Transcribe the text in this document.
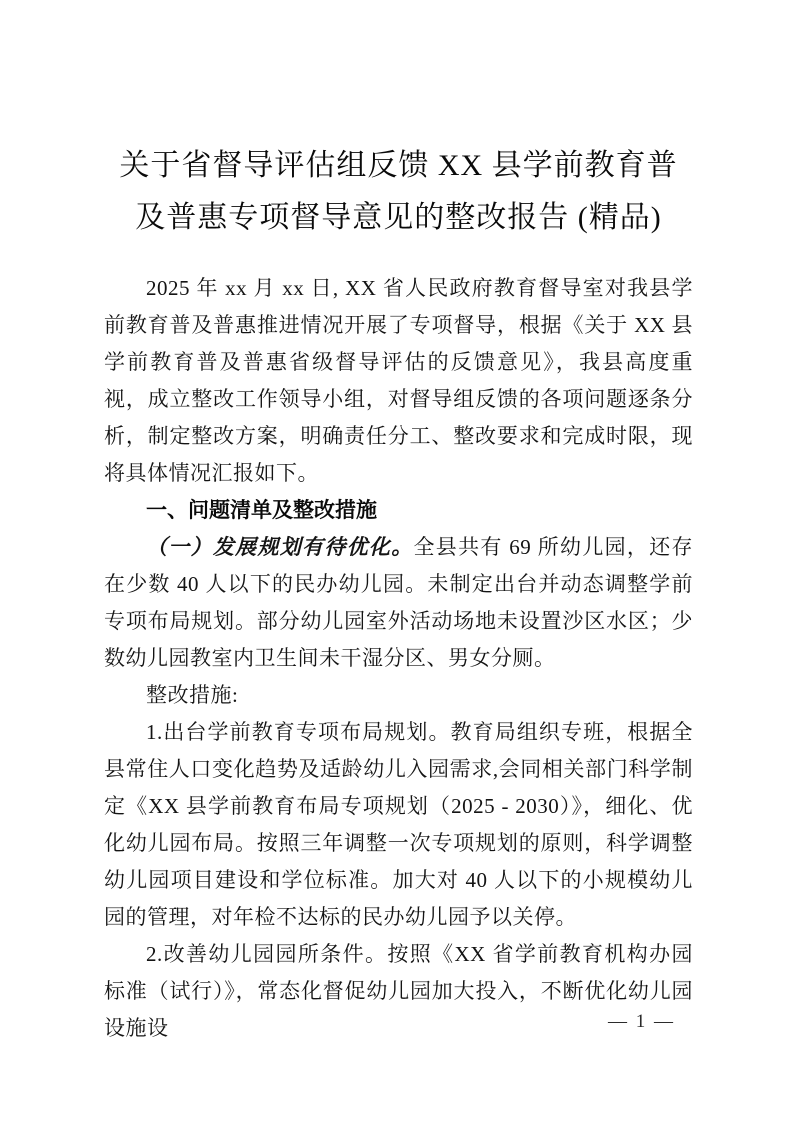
关于省督导评估组反馈 XX 县学前教育普及普惠专项督导意见的整改报告 (精品)

2025 年 xx 月 xx 日, XX 省人民政府教育督导室对我县学前教育普及普惠推进情况开展了专项督导，根据《关于 XX 县学前教育普及普惠省级督导评估的反馈意见》，我县高度重视，成立整改工作领导小组，对督导组反馈的各项问题逐条分析，制定整改方案，明确责任分工、整改要求和完成时限，现将具体情况汇报如下。

一、问题清单及整改措施

（一）发展规划有待优化。全县共有 69 所幼儿园，还存在少数 40 人以下的民办幼儿园。未制定出台并动态调整学前专项布局规划。部分幼儿园室外活动场地未设置沙区水区；少数幼儿园教室内卫生间未干湿分区、男女分厕。

整改措施:

1.出台学前教育专项布局规划。教育局组织专班，根据全县常住人口变化趋势及适龄幼儿入园需求,会同相关部门科学制定《XX 县学前教育布局专项规划（2025 - 2030）》，细化、优化幼儿园布局。按照三年调整一次专项规划的原则，科学调整幼儿园项目建设和学位标准。加大对 40 人以下的小规模幼儿园的管理，对年检不达标的民办幼儿园予以关停。

2.改善幼儿园园所条件。按照《XX 省学前教育机构办园标准（试行）》，常态化督促幼儿园加大投入，不断优化幼儿园设施设	— 1 —
